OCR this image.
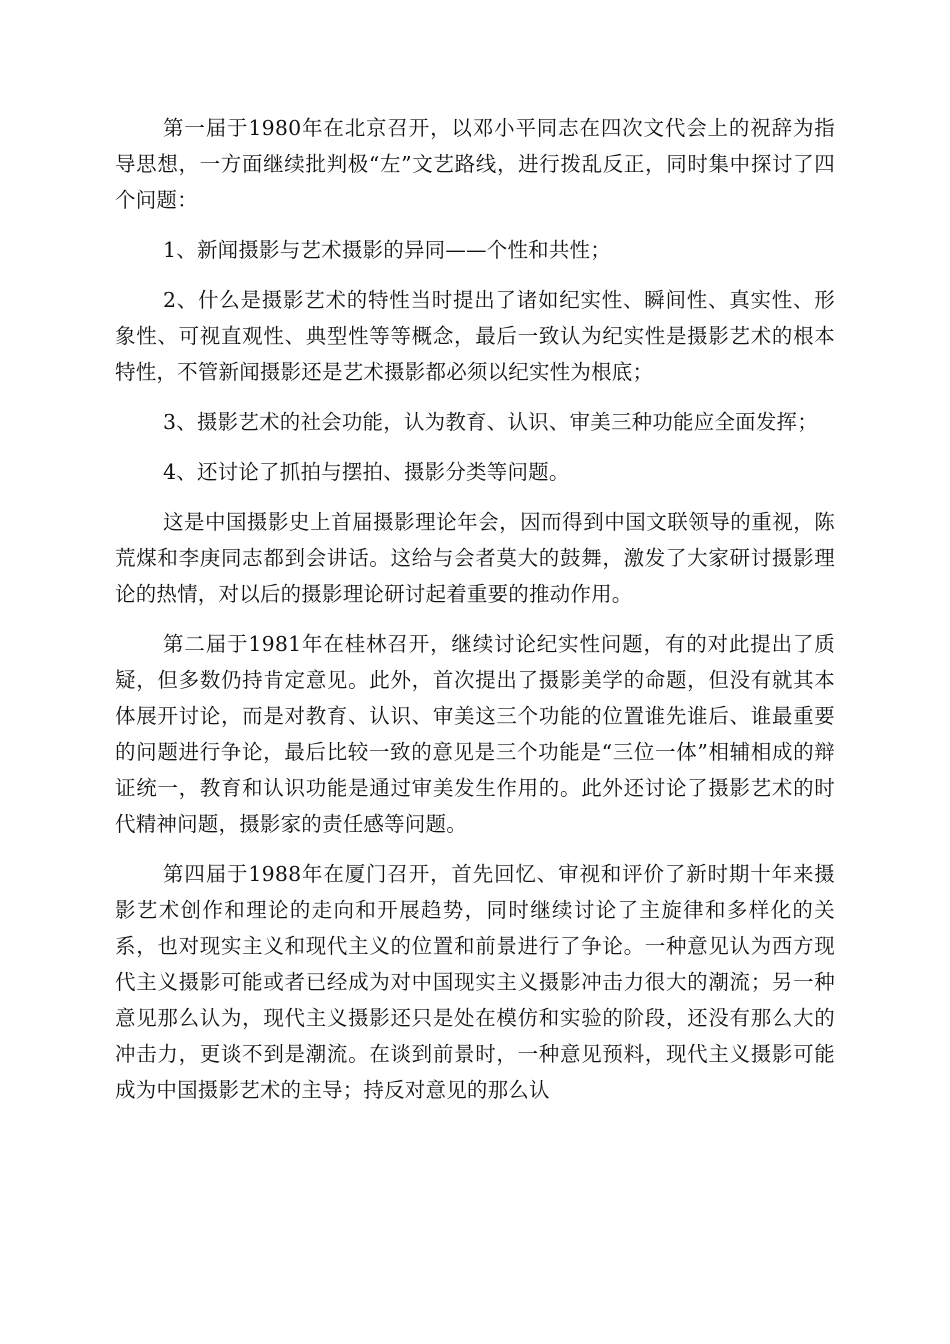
第一届于1980年在北京召开，以邓小平同志在四次文代会上的祝辞为指导思想，一方面继续批判极“左”文艺路线，进行拨乱反正，同时集中探讨了四个问题：

1、新闻摄影与艺术摄影的异同——个性和共性；

2、什么是摄影艺术的特性当时提出了诸如纪实性、瞬间性、真实性、形象性、可视直观性、典型性等等概念，最后一致认为纪实性是摄影艺术的根本特性，不管新闻摄影还是艺术摄影都必须以纪实性为根底；

3、摄影艺术的社会功能，认为教育、认识、审美三种功能应全面发挥；

4、还讨论了抓拍与摆拍、摄影分类等问题。

这是中国摄影史上首届摄影理论年会，因而得到中国文联领导的重视，陈荒煤和李庚同志都到会讲话。这给与会者莫大的鼓舞，激发了大家研讨摄影理论的热情，对以后的摄影理论研讨起着重要的推动作用。

第二届于1981年在桂林召开，继续讨论纪实性问题，有的对此提出了质疑，但多数仍持肯定意见。此外，首次提出了摄影美学的命题，但没有就其本体展开讨论，而是对教育、认识、审美这三个功能的位置谁先谁后、谁最重要的问题进行争论，最后比较一致的意见是三个功能是“三位一体”相辅相成的辩证统一，教育和认识功能是通过审美发生作用的。此外还讨论了摄影艺术的时代精神问题，摄影家的责任感等问题。

第四届于1988年在厦门召开，首先回忆、审视和评价了新时期十年来摄影艺术创作和理论的走向和开展趋势，同时继续讨论了主旋律和多样化的关系，也对现实主义和现代主义的位置和前景进行了争论。一种意见认为西方现代主义摄影可能或者已经成为对中国现实主义摄影冲击力很大的潮流；另一种意见那么认为，现代主义摄影还只是处在模仿和实验的阶段，还没有那么大的冲击力，更谈不到是潮流。在谈到前景时，一种意见预料，现代主义摄影可能成为中国摄影艺术的主导；持反对意见的那么认
